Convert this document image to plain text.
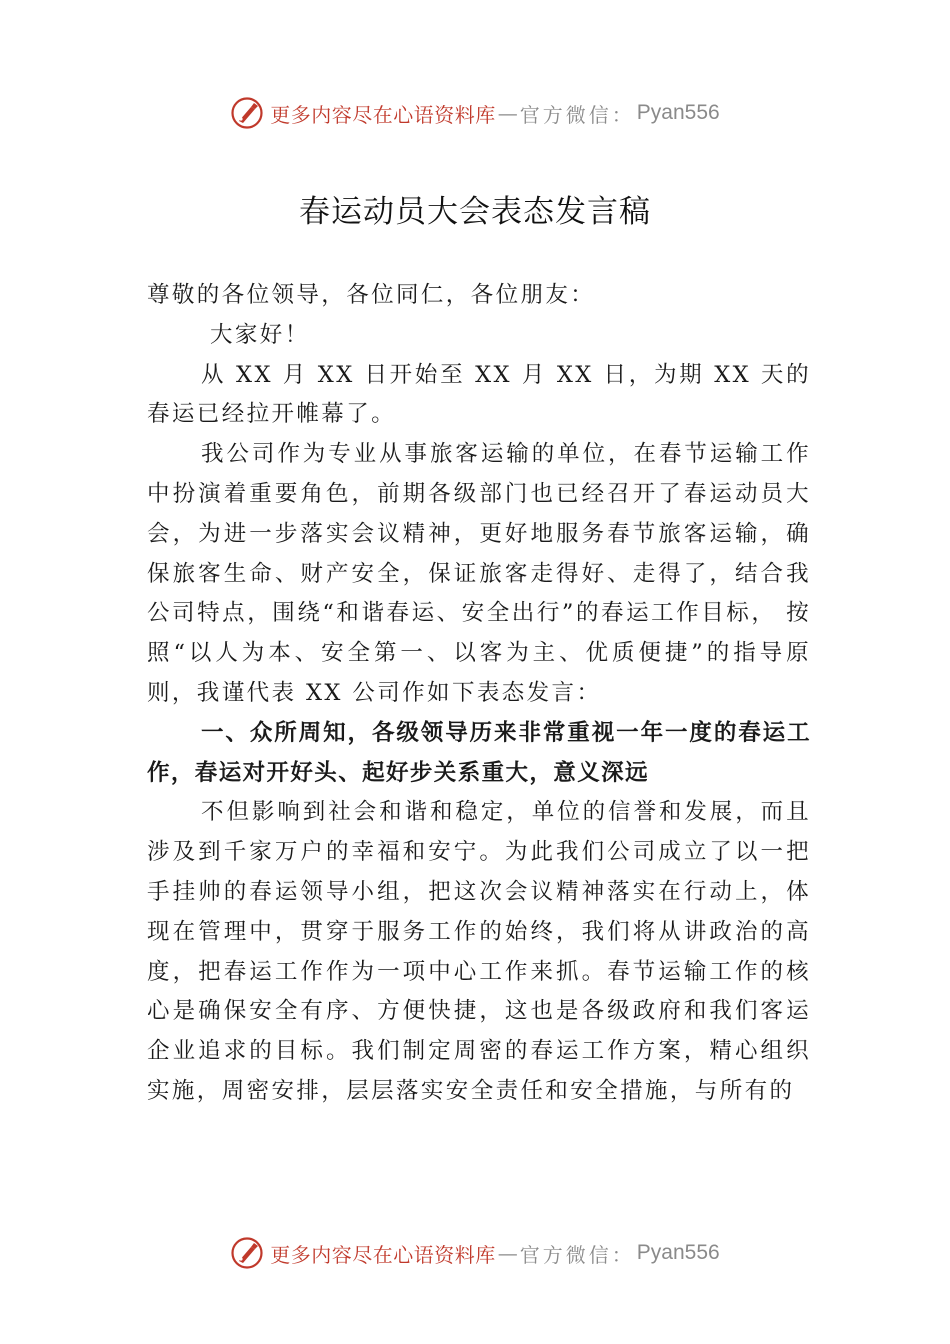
更多内容尽在心语资料库 — 官方微信： Pyan556
春运动员大会表态发言稿

尊敬的各位领导，各位同仁，各位朋友：

大家好！

从 XX 月 XX 日开始至 XX 月 XX 日，为期 XX 天的春运已经拉开帷幕了。

我公司作为专业从事旅客运输的单位，在春节运输工作中扮演着重要角色，前期各级部门也已经召开了春运动员大会，为进一步落实会议精神，更好地服务春节旅客运输，确保旅客生命、财产安全，保证旅客走得好、走得了，结合我公司特点，围绕“和谐春运、安全出行”的春运工作目标， 按照“以人为本、安全第一、以客为主、优质便捷”的指导原则，我谨代表 XX 公司作如下表态发言：

一、众所周知，各级领导历来非常重视一年一度的春运工作，春运对开好头、起好步关系重大，意义深远

不但影响到社会和谐和稳定，单位的信誉和发展，而且涉及到千家万户的幸福和安宁。为此我们公司成立了以一把手挂帅的春运领导小组，把这次会议精神落实在行动上，体现在管理中，贯穿于服务工作的始终，我们将从讲政治的高度，把春运工作作为一项中心工作来抓。春节运输工作的核心是确保安全有序、方便快捷，这也是各级政府和我们客运企业追求的目标。我们制定周密的春运工作方案，精心组织实施，周密安排，层层落实安全责任和安全措施，与所有的

更多内容尽在心语资料库 — 官方微信： Pyan556
